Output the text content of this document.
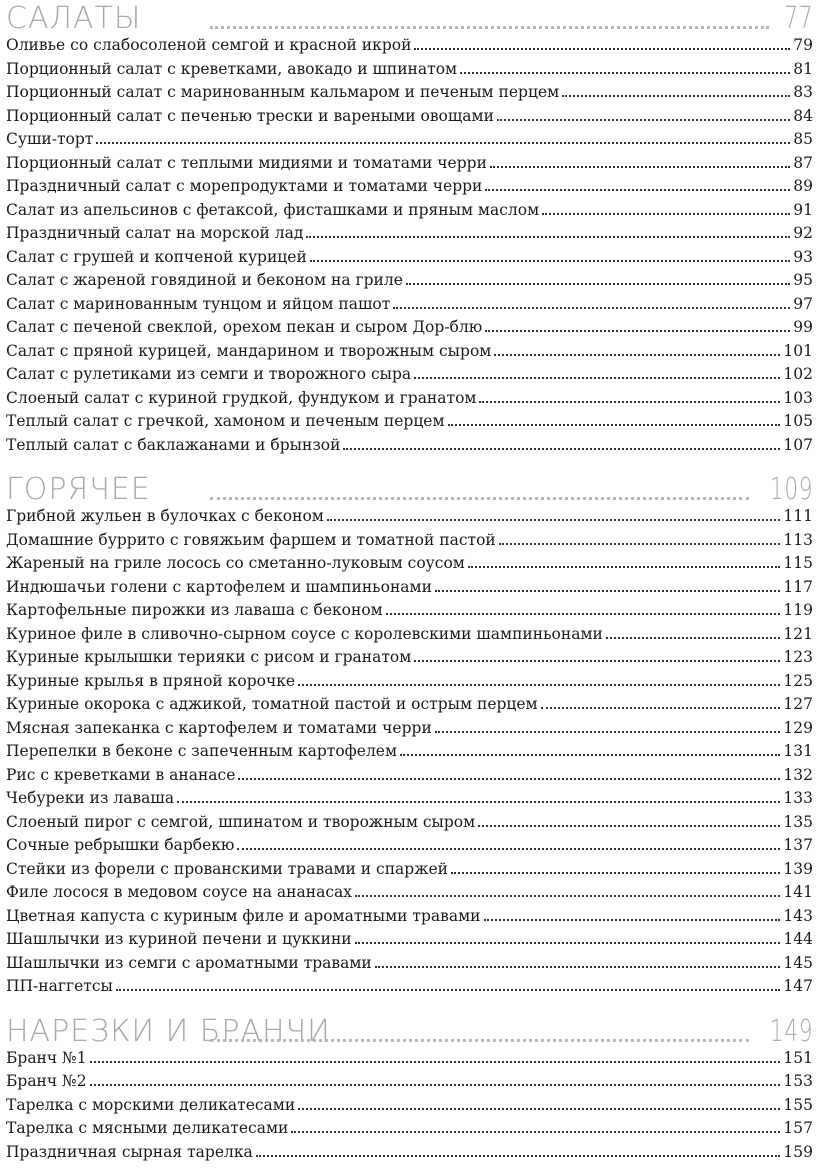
САЛАТЫ	77
Оливье со слабосоленой семгой и красной икрой	79
Порционный салат с креветками, авокадо и шпинатом	81
Порционный салат с маринованным кальмаром и печеным перцем	83
Порционный салат с печенью трески и вареными овощами	84
Суши-торт	85
Порционный салат с теплыми мидиями и томатами черри	87
Праздничный салат с морепродуктами и томатами черри	89
Салат из апельсинов с фетаксой, фисташками и пряным маслом	91
Праздничный салат на морской лад	92
Салат с грушей и копченой курицей	93
Салат с жареной говядиной и беконом на гриле	95
Салат с маринованным тунцом и яйцом пашот	97
Салат с печеной свеклой, орехом пекан и сыром Дор-блю	99
Салат с пряной курицей, мандарином и творожным сыром	101
Салат с рулетиками из семги и творожного сыра	102
Слоеный салат с куриной грудкой, фундуком и гранатом	103
Теплый салат с гречкой, хамоном и печеным перцем	105
Теплый салат с баклажанами и брынзой	107
ГОРЯЧЕЕ	109
Грибной жульен в булочках с беконом	111
Домашние буррито с говяжьим фаршем и томатной пастой	113
Жареный на гриле лосось со сметанно-луковым соусом	115
Индюшачьи голени с картофелем и шампиньонами	117
Картофельные пирожки из лаваша с беконом	119
Куриное филе в сливочно-сырном соусе с королевскими шампиньонами	121
Куриные крылышки терияки с рисом и гранатом	123
Куриные крылья в пряной корочке	125
Куриные окорока с аджикой, томатной пастой и острым перцем	127
Мясная запеканка с картофелем и томатами черри	129
Перепелки в беконе с запеченным картофелем	131
Рис с креветками в ананасе	132
Чебуреки из лаваша	133
Слоеный пирог с семгой, шпинатом и творожным сыром	135
Сочные ребрышки барбекю	137
Стейки из форели с прованскими травами и спаржей	139
Филе лосося в медовом соусе на ананасах	141
Цветная капуста с куриным филе и ароматными травами	143
Шашлычки из куриной печени и цуккини	144
Шашлычки из семги с ароматными травами	145
ПП-наггетсы	147
НАРЕЗКИ И БРАНЧИ	149
Бранч №1	151
Бранч №2	153
Тарелка с морскими деликатесами	155
Тарелка с мясными деликатесами	157
Праздничная сырная тарелка	159
